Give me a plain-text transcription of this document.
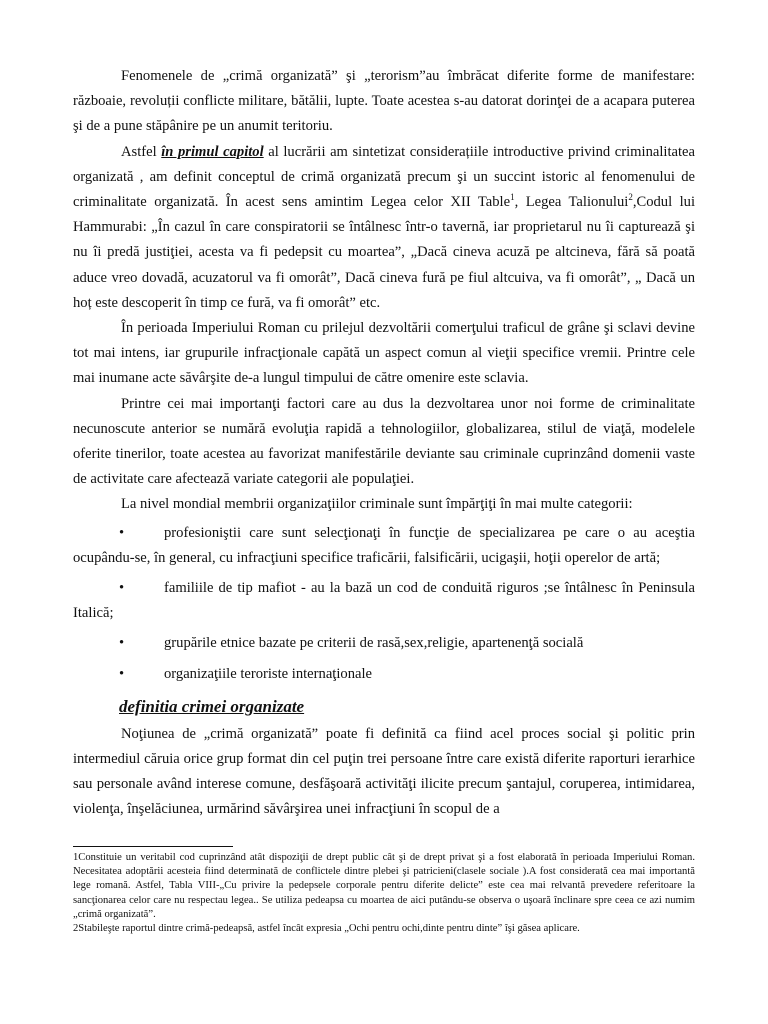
Fenomenele de „crimă organizată” şi „terorism”au îmbrăcat diferite forme de manifestare: războaie, revoluții conflicte militare, bătălii, lupte. Toate acestea s-au datorat dorinţei de a acapara puterea şi de a pune stăpânire pe un anumit teritoriu.

Astfel în primul capitol al lucrării am sintetizat considerațiile introductive privind criminalitatea organizată , am definit conceptul de crimă organizată precum şi un succint istoric al fenomenului de criminalitate organizată. În acest sens amintim Legea celor XII Table$^1$, Legea Talionului$^2$,Codul lui Hammurabi: „În cazul în care conspiratorii se întâlnesc într-o tavernă, iar proprietarul nu îi capturează şi nu îi predă justiţiei, acesta va fi pedepsit cu moartea”, „Dacă cineva acuză pe altcineva, fără să poată aduce vreo dovadă, acuzatorul va fi omorât”, Dacă cineva fură pe fiul altcuiva, va fi omorât”, „ Dacă un hoț este descoperit în timp ce fură, va fi omorât” etc.

În perioada Imperiului Roman cu prilejul dezvoltării comerţului traficul de grâne şi sclavi devine tot mai intens, iar grupurile infracţionale capătă un aspect comun al vieţii specifice vremii. Printre cele mai inumane acte săvârşite de-a lungul timpului de către omenire este sclavia.

Printre cei mai importanţi factori care au dus la dezvoltarea unor noi forme de criminalitate necunoscute anterior se numără evoluţia rapidă a tehnologiilor, globalizarea, stilul de viaţă, modelele oferite tinerilor, toate acestea au favorizat manifestările deviante sau criminale cuprinzând domenii vaste de activitate care afectează variate categorii ale populaţiei.

La nivel mondial membrii organizaţiilor criminale sunt împărţiţi în mai multe categorii:

•	profesioniştii care sunt selecţionaţi în funcţie de specializarea pe care o au aceştia ocupându-se, în general, cu infracţiuni specifice traficării, falsificării, ucigaşii, hoţii operelor de artă;

•	familiile de tip mafiot - au la bază un cod de conduită riguros ;se întâlnesc în Peninsula Italică;

•	grupările etnice bazate pe criterii de rasă,sex,religie, apartenenţă socială

•	organizaţiile teroriste internaţionale

definitia crimei organizate

Noţiunea de „crimă organizată” poate fi definită ca fiind acel proces social şi politic prin intermediul căruia orice grup format din cel puţin trei persoane între care există diferite raporturi ierarhice sau personale având interese comune, desfăşoară activităţi ilicite precum şantajul, coruperea, intimidarea, violenţa, înşelăciunea, urmărind săvârşirea unei infracţiuni în scopul de a

1Constituie un veritabil cod cuprinzând atât dispoziţii de drept public cât şi de drept privat şi a fost elaborată în perioada Imperiului Roman. Necesitatea adoptării acesteia fiind determinată de conflictele dintre plebei şi patricieni(clasele sociale ).A fost considerată cea mai importantă lege romană. Astfel, Tabla VIII-„Cu privire la pedepsele corporale pentru diferite delicte” este cea mai relvantă prevedere referitoare la sancţionarea celor care nu respectau legea.. Se utiliza pedeapsa cu moartea de aici putându-se observa o uşoară înclinare spre ceea ce azi numim „crimă organizată”.

2Stabileşte raportul dintre crimă-pedeapsă, astfel încât expresia „Ochi pentru ochi,dinte pentru dinte” îşi găsea aplicare.
